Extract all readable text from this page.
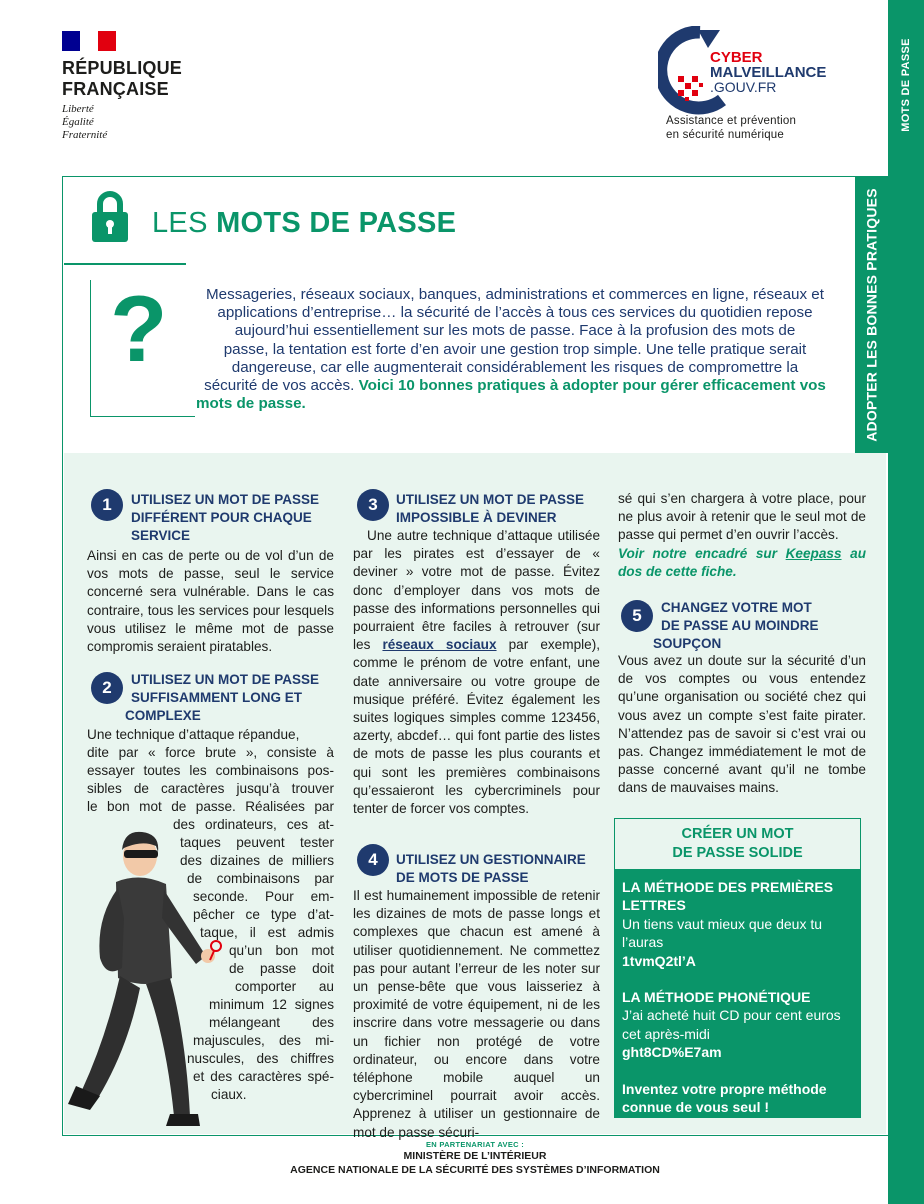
MOTS DE PASSE
RÉPUBLIQUE
FRANÇAISE
Liberté
Égalité
Fraternité
CYBER
MALVEILLANCE
.GOUV.FR
Assistance et prévention
en sécurité numérique
ADOPTER LES BONNES PRATIQUES
LES MOTS DE PASSE
?	Messageries, réseaux sociaux, banques, administrations et commerces en ligne, réseaux et
applications d’entreprise… la sécurité de l’accès à tous ces services du quotidien repose
aujourd’hui essentiellement sur les mots de passe. Face à la profusion des mots de
passe, la tentation est forte d’en avoir une gestion trop simple. Une telle pratique serait
dangereuse, car elle augmenterait considérablement les risques de compromettre la
sécurité de vos accès. Voici 10 bonnes pratiques à adopter pour gérer efficacement vos
mots de passe.
1	UTILISEZ UN MOT DE PASSE
DIFFÉRENT POUR CHAQUE
SERVICE

Ainsi en cas de perte ou de vol d’un de vos mots de passe, seul le service concerné sera vulnérable. Dans le cas contraire, tous les services pour lesquels vous utilisez le même mot de passe compromis seraient piratables.

2	UTILISEZ UN MOT DE PASSE
SUFFISAMMENT LONG ET
COMPLEXE
Une technique d’attaque répandue,
dite par « force brute », consiste à
essayer toutes les combinaisons pos-
sibles de caractères jusqu’à trouver
le bon mot de passe. Réalisées par
des ordinateurs, ces at-
taques peuvent tester
des dizaines de milliers
de combinaisons par
seconde. Pour em-
pêcher ce type d’at-
taque, il est admis
qu’un bon mot
de passe doit
comporter au
minimum 12 signes
mélangeant des
majuscules, des mi-
nuscules, des chiffres
et des caractères spé-
ciaux.
3	UTILISEZ UN MOT DE PASSE
IMPOSSIBLE À DEVINER

Une autre technique d’attaque utilisée par les pirates est d’essayer de « deviner » votre mot de passe. Évitez donc d’employer dans vos mots de passe des informations personnelles qui pourraient être faciles à retrouver (sur les réseaux sociaux par exemple), comme le prénom de votre enfant, une date anniversaire ou votre groupe de musique préféré. Évitez également les suites logiques simples comme 123456, azerty, abcdef… qui font partie des listes de mots de passe les plus courants et qui sont les premières combinaisons qu’essaieront les cybercriminels pour tenter de forcer vos comptes.

4	UTILISEZ UN GESTIONNAIRE
DE MOTS DE PASSE

Il est humainement impossible de retenir les dizaines de mots de passe longs et complexes que chacun est amené à utiliser quotidiennement. Ne commettez pas pour autant l’erreur de les noter sur un pense-bête que vous laisseriez à proximité de votre équipement, ni de les inscrire dans votre messagerie ou dans un fichier non protégé de votre ordinateur, ou encore dans votre téléphone mobile auquel un cybercriminel pourrait avoir accès. Apprenez à utiliser un gestionnaire de mot de passe sécuri-

sé qui s’en chargera à votre place, pour ne plus avoir à retenir que le seul mot de passe qui permet d’en ouvrir l’accès.

Voir notre encadré sur Keepass au dos de cette fiche.

5	CHANGEZ VOTRE MOT
DE PASSE AU MOINDRE
SOUPÇON

Vous avez un doute sur la sécurité d’un de vos comptes ou vous entendez qu’une organisation ou société chez qui vous avez un compte s’est faite pirater. N’attendez pas de savoir si c’est vrai ou pas. Changez immédiatement le mot de passe concerné avant qu’il ne tombe dans de mauvaises mains.

CRÉER UN MOT
DE PASSE SOLIDE

LA MÉTHODE DES PREMIÈRES LETTRES

Un tiens vaut mieux que deux tu l’auras

1tvmQ2tl’A

LA MÉTHODE PHONÉTIQUE

J’ai acheté huit CD pour cent euros cet après-midi

ght8CD%E7am

Inventez votre propre méthode connue de vous seul !

EN PARTENARIAT AVEC :
MINISTÈRE DE L’INTÉRIEUR
AGENCE NATIONALE DE LA SÉCURITÉ DES SYSTÈMES D’INFORMATION
